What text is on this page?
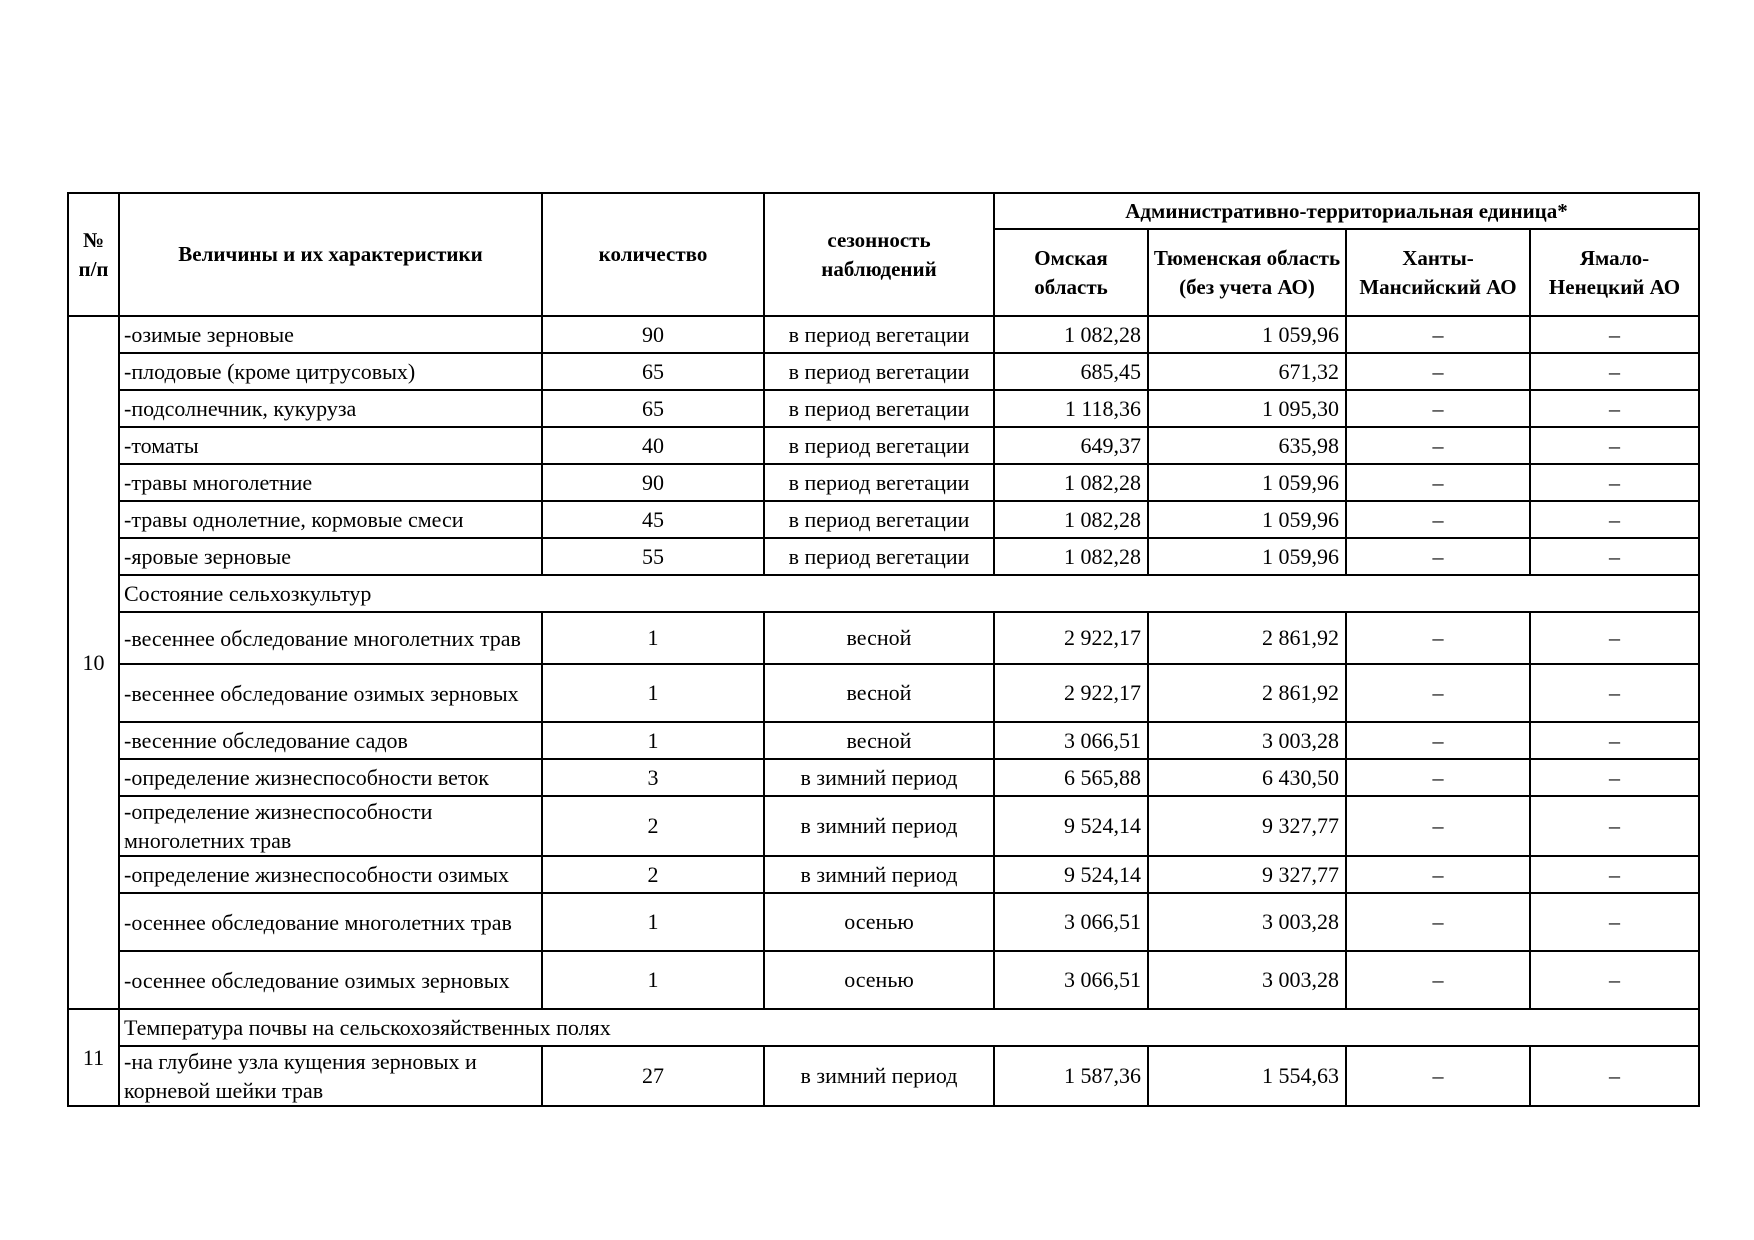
№ п/п	Величины и их характеристики	количество	сезонность наблюдений	Административно-территориальная единица*			
				Омская область	Тюменская область (без учета АО)	Ханты-Мансийский АО	Ямало-Ненецкий АО
10	-озимые зерновые	90	в период вегетации	1 082,28	1 059,96	–	–
	-плодовые (кроме цитрусовых)	65	в период вегетации	685,45	671,32	–	–
	-подсолнечник, кукуруза	65	в период вегетации	1 118,36	1 095,30	–	–
	-томаты	40	в период вегетации	649,37	635,98	–	–
	-травы многолетние	90	в период вегетации	1 082,28	1 059,96	–	–
	-травы однолетние, кормовые смеси	45	в период вегетации	1 082,28	1 059,96	–	–
	-яровые зерновые	55	в период вегетации	1 082,28	1 059,96	–	–
	Состояние сельхозкультур						
	-весеннее обследование многолетних трав	1	весной	2 922,17	2 861,92	–	–
	-весеннее обследование озимых зерновых	1	весной	2 922,17	2 861,92	–	–
	-весенние обследование садов	1	весной	3 066,51	3 003,28	–	–
	-определение жизнеспособности веток	3	в зимний период	6 565,88	6 430,50	–	–
	-определение жизнеспособности многолетних трав	2	в зимний период	9 524,14	9 327,77	–	–
	-определение жизнеспособности озимых	2	в зимний период	9 524,14	9 327,77	–	–
	-осеннее обследование многолетних трав	1	осенью	3 066,51	3 003,28	–	–
	-осеннее обследование озимых зерновых	1	осенью	3 066,51	3 003,28	–	–
11	Температура почвы на сельскохозяйственных полях						
	-на глубине узла кущения зерновых и корневой шейки трав	27	в зимний период	1 587,36	1 554,63	–	–
